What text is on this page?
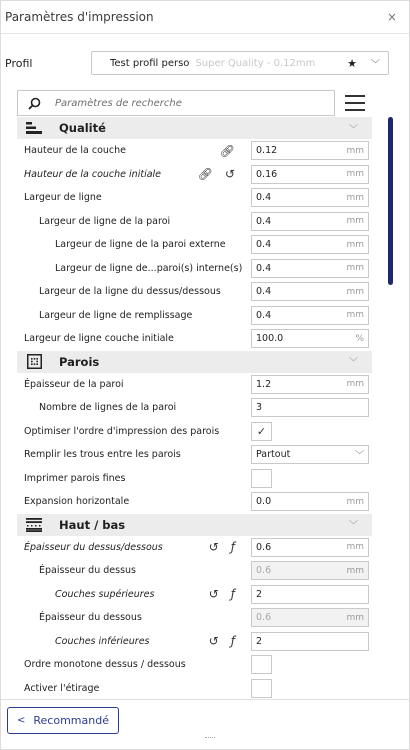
Paramètres d'impression	×
Profil	Test profil perso Super Quality - 0.12mm	★ ﹀
Paramètres de recherche
Qualité	﹀
Hauteur de la couche	🔗︎ 0.12	mm
Hauteur de la couche initiale	🔗︎ ↺ 0.16	mm
Largeur de ligne	0.4	mm
Largeur de ligne de la paroi	0.4	mm
Largeur de ligne de la paroi externe	0.4	mm
Largeur de ligne de...paroi(s) interne(s) 0.4	mm
Largeur de la ligne du dessus/dessous	0.4	mm
Largeur de ligne de remplissage	0.4	mm
Largeur de ligne couche initiale	100.0	%
Parois	﹀
Épaisseur de la paroi	1.2	mm
Nombre de lignes de la paroi	3
Optimiser l'ordre d'impression des parois	✓
Remplir les trous entre les parois	Partout	﹀
Imprimer parois fines
Expansion horizontale	0.0	mm
Haut / bas	﹀
Épaisseur du dessus/dessous	↺ ƒ 0.6	mm
Épaisseur du dessus	0.6	mm
Couches supérieures	↺ ƒ 2
Épaisseur du dessous	0.6	mm
Couches inférieures	↺ ƒ 2
Ordre monotone dessus / dessous
Activer l'étirage
< Recommandé
